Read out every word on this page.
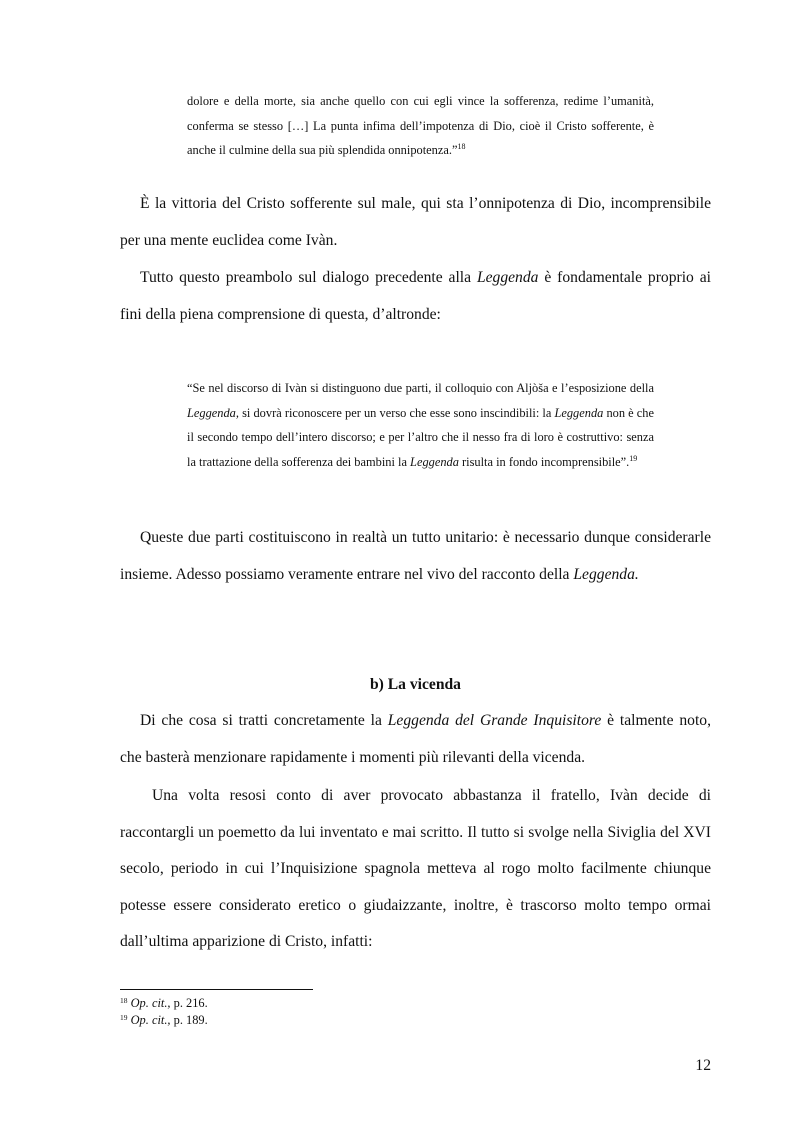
dolore e della morte, sia anche quello con cui egli vince la sofferenza, redime l’umanità, conferma se stesso […] La punta infima dell’impotenza di Dio, cioè il Cristo sofferente, è anche il culmine della sua più splendida onnipotenza.”$^{18}$

È la vittoria del Cristo sofferente sul male, qui sta l’onnipotenza di Dio, incomprensibile per una mente euclidea come Ivàn.

Tutto questo preambolo sul dialogo precedente alla Leggenda è fondamentale proprio ai fini della piena comprensione di questa, d’altronde:

“Se nel discorso di Ivàn si distinguono due parti, il colloquio con Aljòša e l’esposizione della Leggenda, si dovrà riconoscere per un verso che esse sono inscindibili: la Leggenda non è che il secondo tempo dell’intero discorso; e per l’altro che il nesso fra di loro è costruttivo: senza la trattazione della sofferenza dei bambini la Leggenda risulta in fondo incomprensibile”.$^{19}$

Queste due parti costituiscono in realtà un tutto unitario: è necessario dunque considerarle insieme. Adesso possiamo veramente entrare nel vivo del racconto della Leggenda.

b) La vicenda

Di che cosa si tratti concretamente la Leggenda del Grande Inquisitore è talmente noto, che basterà menzionare rapidamente i momenti più rilevanti della vicenda.

Una volta resosi conto di aver provocato abbastanza il fratello, Ivàn decide di raccontargli un poemetto da lui inventato e mai scritto. Il tutto si svolge nella Siviglia del XVI secolo, periodo in cui l’Inquisizione spagnola metteva al rogo molto facilmente chiunque potesse essere considerato eretico o giudaizzante, inoltre, è trascorso molto tempo ormai dall’ultima apparizione di Cristo, infatti:

$^{18}$ Op. cit., p. 216.

$^{19}$ Op. cit., p. 189.

12
